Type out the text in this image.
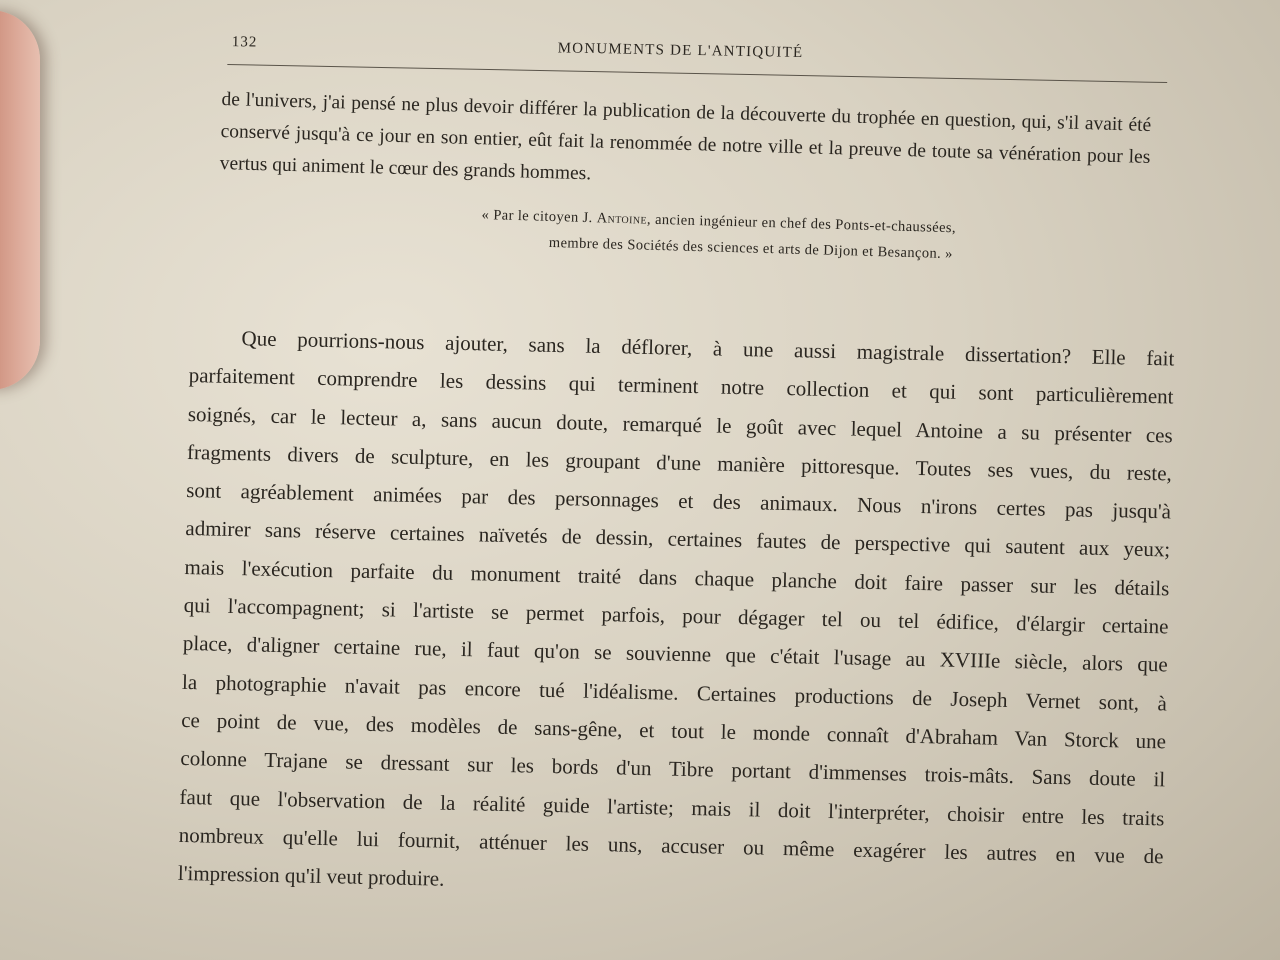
132	MONUMENTS DE L'ANTIQUITÉ

de l'univers, j'ai pensé ne plus devoir différer la publication de la découverte du trophée en question, qui, s'il avait été conservé jusqu'à ce jour en son entier, eût fait la renommée de notre ville et la preuve de toute sa vénération pour les vertus qui animent le cœur des grands hommes.

« Par le citoyen J. Antoine, ancien ingénieur en chef des Ponts-et-chaussées,
membre des Sociétés des sciences et arts de Dijon et Besançon. »
Que pourrions-nous ajouter, sans la déflorer, à une aussi magistrale dissertation? Elle fait
parfaitement comprendre les dessins qui terminent notre collection et qui sont particulièrement
soignés, car le lecteur a, sans aucun doute, remarqué le goût avec lequel Antoine a su présenter ces
fragments divers de sculpture, en les groupant d'une manière pittoresque. Toutes ses vues, du reste,
sont agréablement animées par des personnages et des animaux. Nous n'irons certes pas jusqu'à
admirer sans réserve certaines naïvetés de dessin, certaines fautes de perspective qui sautent aux yeux;
mais l'exécution parfaite du monument traité dans chaque planche doit faire passer sur les détails
qui l'accompagnent; si l'artiste se permet parfois, pour dégager tel ou tel édifice, d'élargir certaine
place, d'aligner certaine rue, il faut qu'on se souvienne que c'était l'usage au XVIIIe siècle, alors que
la photographie n'avait pas encore tué l'idéalisme. Certaines productions de Joseph Vernet sont, à
ce point de vue, des modèles de sans-gêne, et tout le monde connaît d'Abraham Van Storck une
colonne Trajane se dressant sur les bords d'un Tibre portant d'immenses trois-mâts. Sans doute il
faut que l'observation de la réalité guide l'artiste; mais il doit l'interpréter, choisir entre les traits
nombreux qu'elle lui fournit, atténuer les uns, accuser ou même exagérer les autres en vue de
l'impression qu'il veut produire.
